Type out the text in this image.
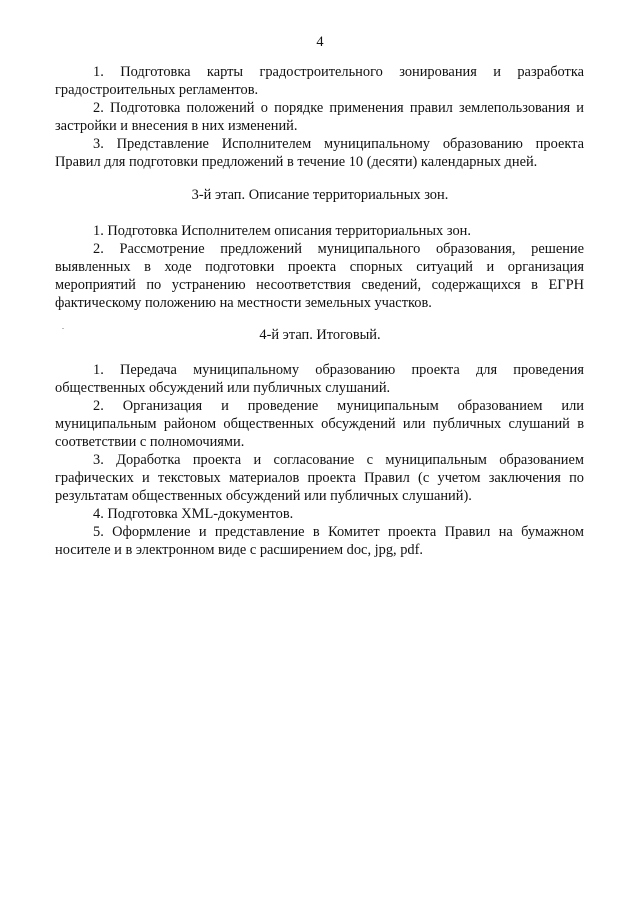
4

1. Подготовка карты градостроительного зонирования и разработка градостроительных регламентов.

2. Подготовка положений о порядке применения правил землепользования и застройки и внесения в них изменений.

3. Представление Исполнителем муниципальному образованию проекта Правил для подготовки предложений в течение 10 (десяти) календарных дней.

3-й этап. Описание территориальных зон.

1. Подготовка Исполнителем описания территориальных зон.

2. Рассмотрение предложений муниципального образования, решение выявленных в ходе подготовки проекта спорных ситуаций и организация мероприятий по устранению несоответствия сведений, содержащихся в ЕГРН фактическому положению на местности земельных участков.

4-й этап. Итоговый.

1. Передача муниципальному образованию проекта для проведения общественных обсуждений или публичных слушаний.

2. Организация и проведение муниципальным образованием или муниципальным районом общественных обсуждений или публичных слушаний в соответствии с полномочиями.

3. Доработка проекта и согласование с муниципальным образованием графических и текстовых материалов проекта Правил (с учетом заключения по результатам общественных обсуждений или публичных слушаний).

4. Подготовка XML-документов.

5. Оформление и представление в Комитет проекта Правил на бумажном носителе и в электронном виде с расширением doc, jpg, pdf.
